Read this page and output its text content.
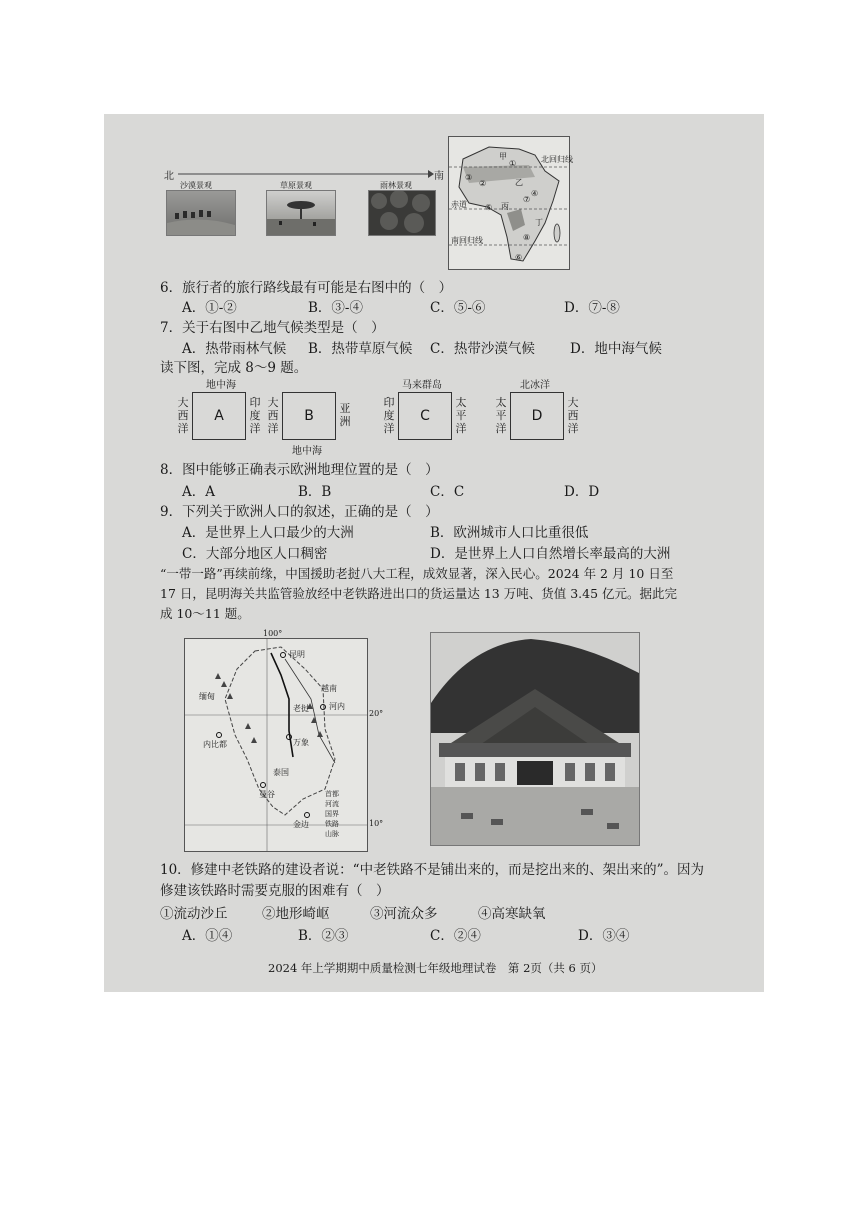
北	南
沙漠景观	草原景观	雨林景观
北回归线
赤道
南回归线
甲
乙
丙
丁
①
②
③
④
⑤
⑥
⑦
⑧
6．旅行者的旅行路线最有可能是右图中的（　）
A．①-②	B．③-④	C．⑤-⑥	D．⑦-⑧
7．关于右图中乙地气候类型是（　）
A．热带雨林气候 B．热带草原气候 C．热带沙漠气候	D．地中海气候
读下图，完成 8～9 题。
地中海
大西洋
A
印度洋
大西洋
B	亚洲
地中海
马来群岛
印度洋
C
太平洋
北冰洋
太平洋
D
大西洋
8．图中能够正确表示欧洲地理位置的是（　）
A．A	B．B	C．C	D．D
9．下列关于欧洲人口的叙述，正确的是（　）
A．是世界上人口最少的大洲	B．欧洲城市人口比重很低
C．大部分地区人口稠密	D．是世界上人口自然增长率最高的大洲
“一带一路”再续前缘，中国援助老挝八大工程，成效显著，深入民心。2024 年 2 月 10 日至
17 日，昆明海关共监管验放经中老铁路进出口的货运量达 13 万吨、货值 3.45 亿元。据此完
成 10～11 题。
100°
20°
10°
昆明
老挝
越南
泰国
万象
河内
曼谷
金边
缅甸
内比都
首都
河流
国界
铁路
山脉
10．修建中老铁路的建设者说：“中老铁路不是铺出来的，而是挖出来的、架出来的”。因为
修建该铁路时需要克服的困难有（　）
①流动沙丘	②地形崎岖	③河流众多	④高寒缺氧
A．①④	B．②③	C．②④	D．③④
2024 年上学期期中质量检测七年级地理试卷　第 2页（共 6 页）
